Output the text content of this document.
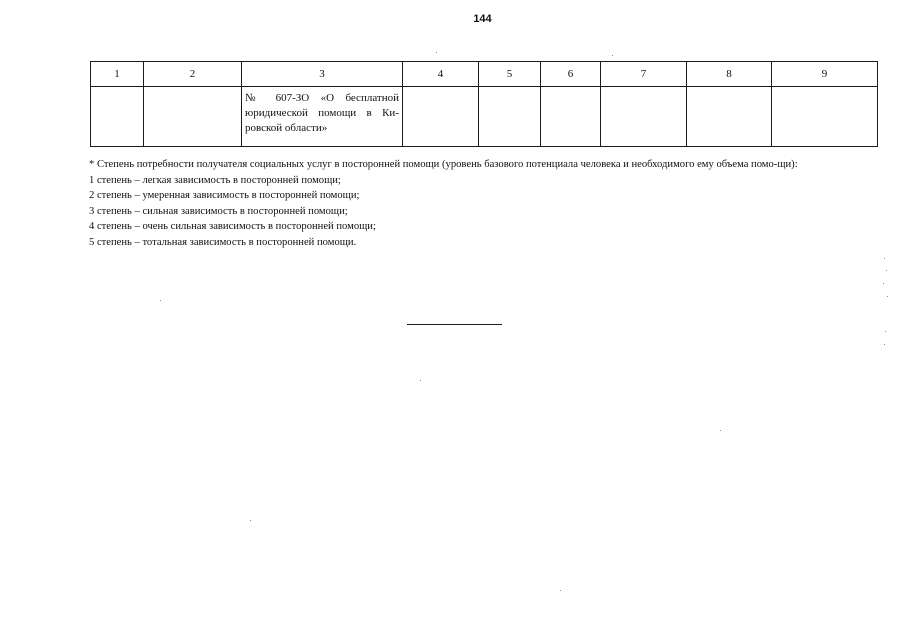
144
1	2	3	4	5	6	7	8	9
		№ 607-ЗО «О бесплатной юридической помощи в Ки-ровской области»						

* Степень потребности получателя социальных услуг в посторонней помощи (уровень базового потенциала человека и необходимого ему объема помо-щи):

1 степень – легкая зависимость в посторонней помощи;

2 степень – умеренная зависимость в посторонней помощи;

3 степень – сильная зависимость в посторонней помощи;

4 степень – очень сильная зависимость в посторонней помощи;

5 степень – тотальная зависимость в посторонней помощи.
